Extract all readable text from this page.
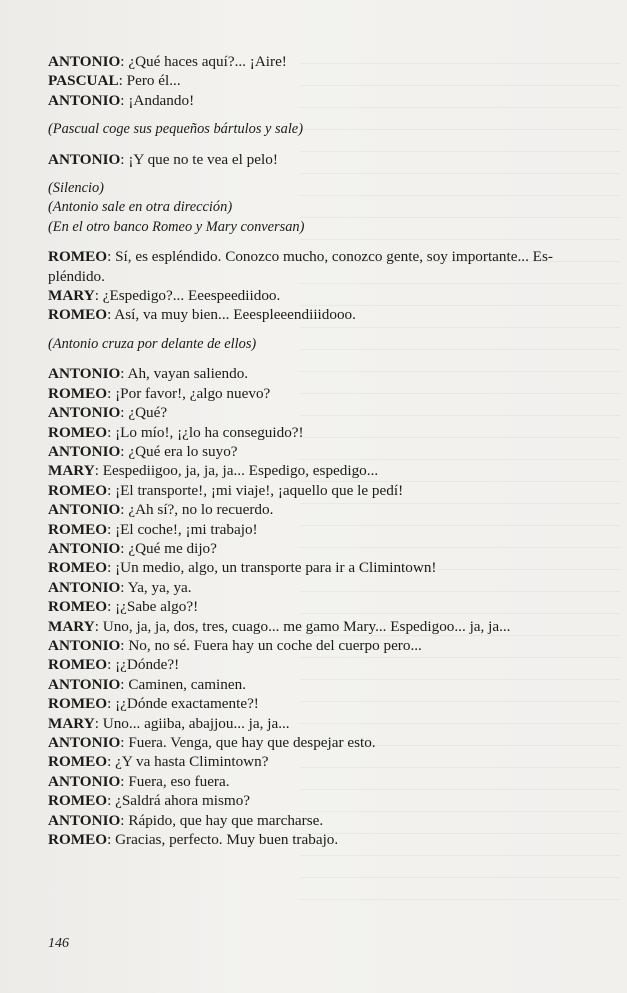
ANTONIO: ¿Qué haces aquí?... ¡Aire!

PASCUAL: Pero él...

ANTONIO: ¡Andando!

(Pascual coge sus pequeños bártulos y sale)

ANTONIO: ¡Y que no te vea el pelo!

(Silencio)

(Antonio sale en otra dirección)

(En el otro banco Romeo y Mary conversan)

ROMEO: Sí, es espléndido. Conozco mucho, conozco gente, soy importante... Es-

pléndido.

MARY: ¿Espedigo?... Eeespeediidoo.

ROMEO: Así, va muy bien... Eeespleeendiiidooo.

(Antonio cruza por delante de ellos)

ANTONIO: Ah, vayan saliendo.

ROMEO: ¡Por favor!, ¿algo nuevo?

ANTONIO: ¿Qué?

ROMEO: ¡Lo mío!, ¡¿lo ha conseguido?!

ANTONIO: ¿Qué era lo suyo?

MARY: Eespediigoo, ja, ja, ja... Espedigo, espedigo...

ROMEO: ¡El transporte!, ¡mi viaje!, ¡aquello que le pedí!

ANTONIO: ¿Ah sí?, no lo recuerdo.

ROMEO: ¡El coche!, ¡mi trabajo!

ANTONIO: ¿Qué me dijo?

ROMEO: ¡Un medio, algo, un transporte para ir a Climintown!

ANTONIO: Ya, ya, ya.

ROMEO: ¡¿Sabe algo?!

MARY: Uno, ja, ja, dos, tres, cuago... me gamo Mary... Espedigoo... ja, ja...

ANTONIO: No, no sé. Fuera hay un coche del cuerpo pero...

ROMEO: ¡¿Dónde?!

ANTONIO: Caminen, caminen.

ROMEO: ¡¿Dónde exactamente?!

MARY: Uno... agiiba, abajjou... ja, ja...

ANTONIO: Fuera. Venga, que hay que despejar esto.

ROMEO: ¿Y va hasta Climintown?

ANTONIO: Fuera, eso fuera.

ROMEO: ¿Saldrá ahora mismo?

ANTONIO: Rápido, que hay que marcharse.

ROMEO: Gracias, perfecto. Muy buen trabajo.

146
